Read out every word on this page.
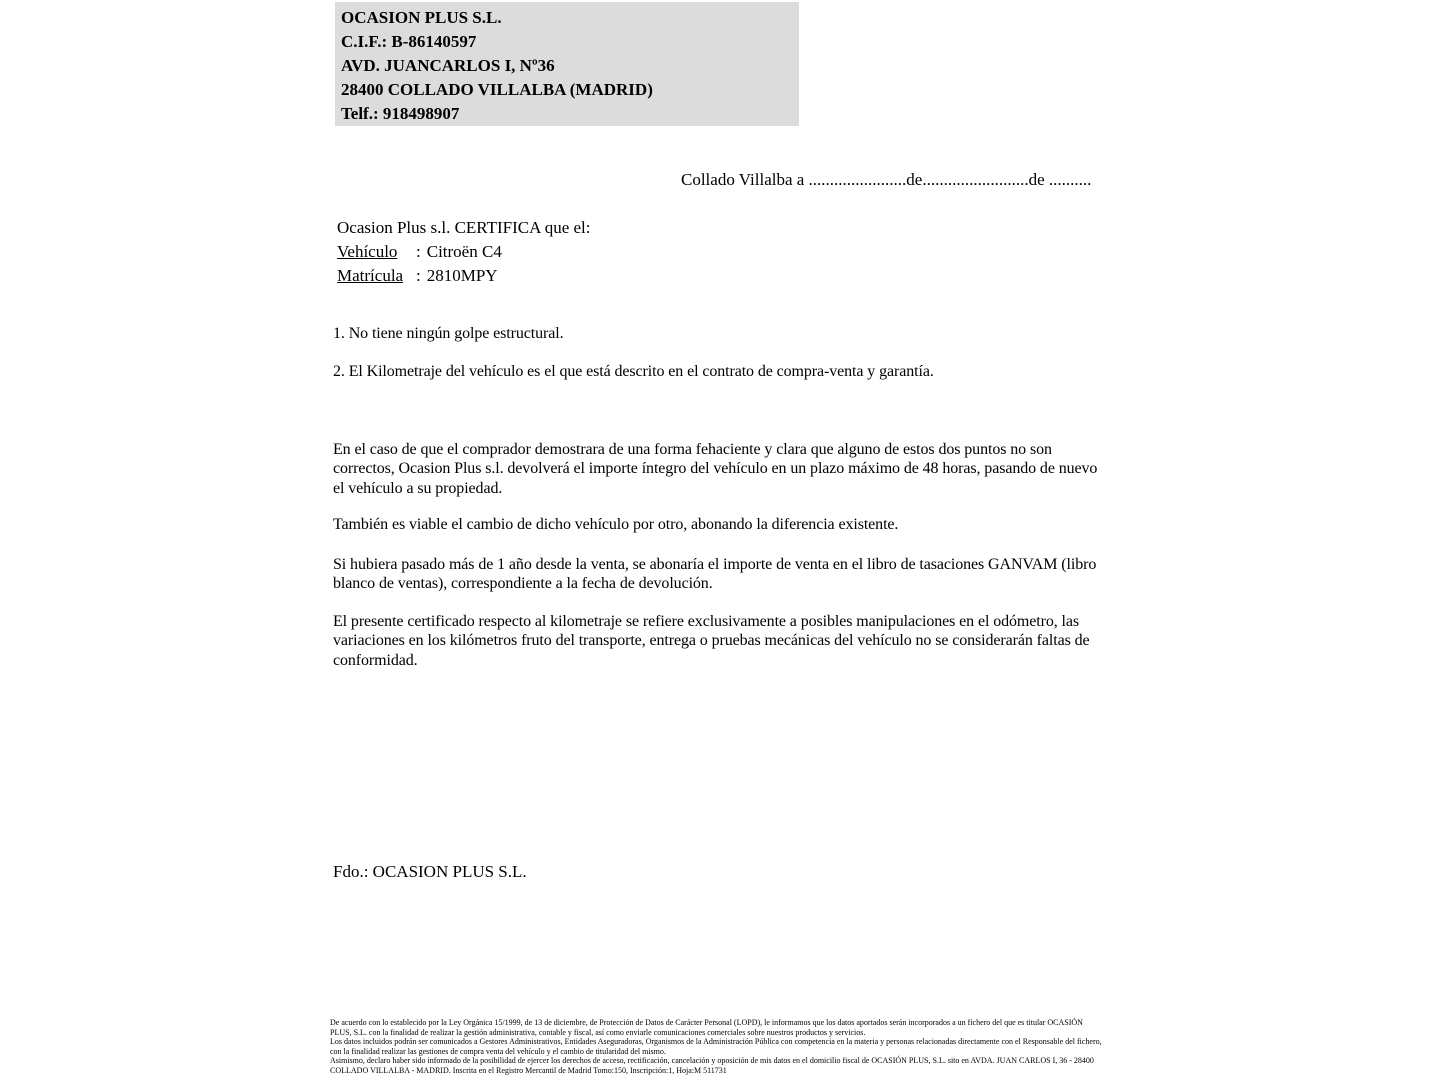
OCASION PLUS S.L.
C.I.F.: B-86140597
AVD. JUANCARLOS I, Nº36
28400 COLLADO VILLALBA (MADRID)
Telf.: 918498907
Collado Villalba a .......................de.........................de ..........
Ocasion Plus s.l. CERTIFICA que el:
Vehículo : Citroën C4
Matrícula : 2810MPY
1. No tiene ningún golpe estructural.
2. El Kilometraje del vehículo es el que está descrito en el contrato de compra-venta y garantía.

En el caso de que el comprador demostrara de una forma fehaciente y clara que alguno de estos dos puntos no son correctos, Ocasion Plus s.l. devolverá el importe íntegro del vehículo en un plazo máximo de 48 horas, pasando de nuevo el vehículo a su propiedad.

También es viable el cambio de dicho vehículo por otro, abonando la diferencia existente.

Si hubiera pasado más de 1 año desde la venta, se abonaría el importe de venta en el libro de tasaciones GANVAM (libro blanco de ventas), correspondiente a la fecha de devolución.

El presente certificado respecto al kilometraje se refiere exclusivamente a posibles manipulaciones en el odómetro, las variaciones en los kilómetros fruto del transporte, entrega o pruebas mecánicas del vehículo no se considerarán faltas de conformidad.

Fdo.: OCASION PLUS S.L.

De acuerdo con lo establecido por la Ley Orgánica 15/1999, de 13 de diciembre, de Protección de Datos de Carácter Personal (LOPD), le informamos que los datos aportados serán incorporados a un fichero del que es titular OCASIÓN PLUS, S.L. con la finalidad de realizar la gestión administrativa, contable y fiscal, así como enviarle comunicaciones comerciales sobre nuestros productos y servicios.

Los datos incluidos podrán ser comunicados a Gestores Administrativos, Entidades Aseguradoras, Organismos de la Administración Pública con competencia en la materia y personas relacionadas directamente con el Responsable del fichero, con la finalidad realizar las gestiones de compra venta del vehículo y el cambio de titularidad del mismo.

Asimismo, declaro haber sido informado de la posibilidad de ejercer los derechos de acceso, rectificación, cancelación y oposición de mis datos en el domicilio fiscal de OCASIÓN PLUS, S.L. sito en AVDA. JUAN CARLOS I, 36 - 28400 COLLADO VILLALBA - MADRID. Inscrita en el Registro Mercantil de Madrid Tomo:150, Inscripción:1, Hoja:M 511731
